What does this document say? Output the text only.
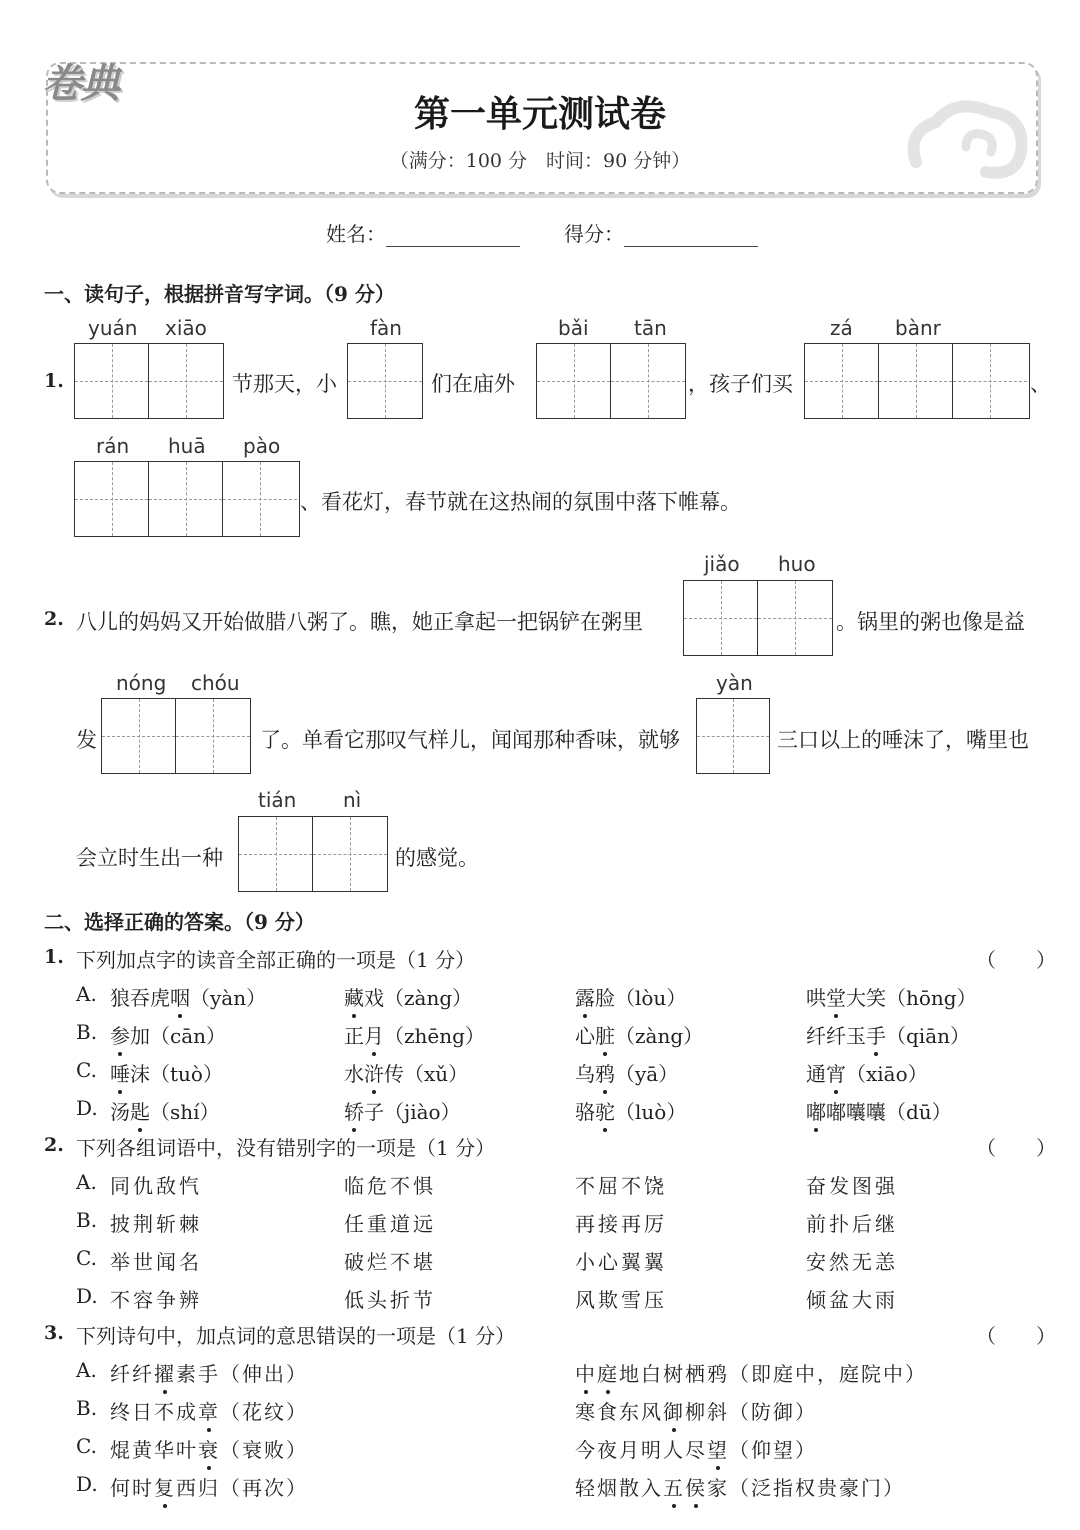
卷典
第一单元测试卷
（满分：100 分　时间：90 分钟）
姓名：	得分：
一、读句子，根据拼音写字词。（9 分）
1.
yuán xiāo
节那天，小
fàn
们在庙外
bǎi tān
，孩子们买
zá bànr
、
rán huā pào
、看花灯，春节就在这热闹的氛围中落下帷幕。
2. 八儿的妈妈又开始做腊八粥了。瞧，她正拿起一把锅铲在粥里
jiǎo huo
。锅里的粥也像是益
发
nóng chóu
了。单看它那叹气样儿，闻闻那种香味，就够
yàn
三口以上的唾沫了，嘴里也
会立时生出一种
tián nì
的感觉。
二、选择正确的答案。（9 分）
1. 下列加点字的读音全部正确的一项是（1 分）	（　　）
A. 狼吞虎咽（yàn）	藏戏（zàng）	露脸（lòu）	哄堂大笑（hōng）
B. 参加（cān）	正月（zhēng）	心脏（zàng）	纤纤玉手（qiān）
C. 唾沫（tuò）	水浒传（xǔ）	乌鸦（yā）	通宵（xiāo）
D. 汤匙（shí）	轿子（jiào）	骆驼（luò）	嘟嘟囔囔（dū）
2. 下列各组词语中，没有错别字的一项是（1 分）	（　　）
A. 同仇敌忾	临危不惧	不屈不饶	奋发图强
B. 披荆斩棘	任重道远	再接再厉	前扑后继
C. 举世闻名	破烂不堪	小心翼翼	安然无恙
D. 不容争辨	低头折节	风欺雪压	倾盆大雨
3. 下列诗句中，加点词的意思错误的一项是（1 分）	（　　）
A. 纤纤擢素手（伸出）	中庭地白树栖鸦（即庭中，庭院中）
B. 终日不成章（花纹）	寒食东风御柳斜（防御）
C. 焜黄华叶衰（衰败）	今夜月明人尽望（仰望）
D. 何时复西归（再次）	轻烟散入五侯家（泛指权贵豪门）
